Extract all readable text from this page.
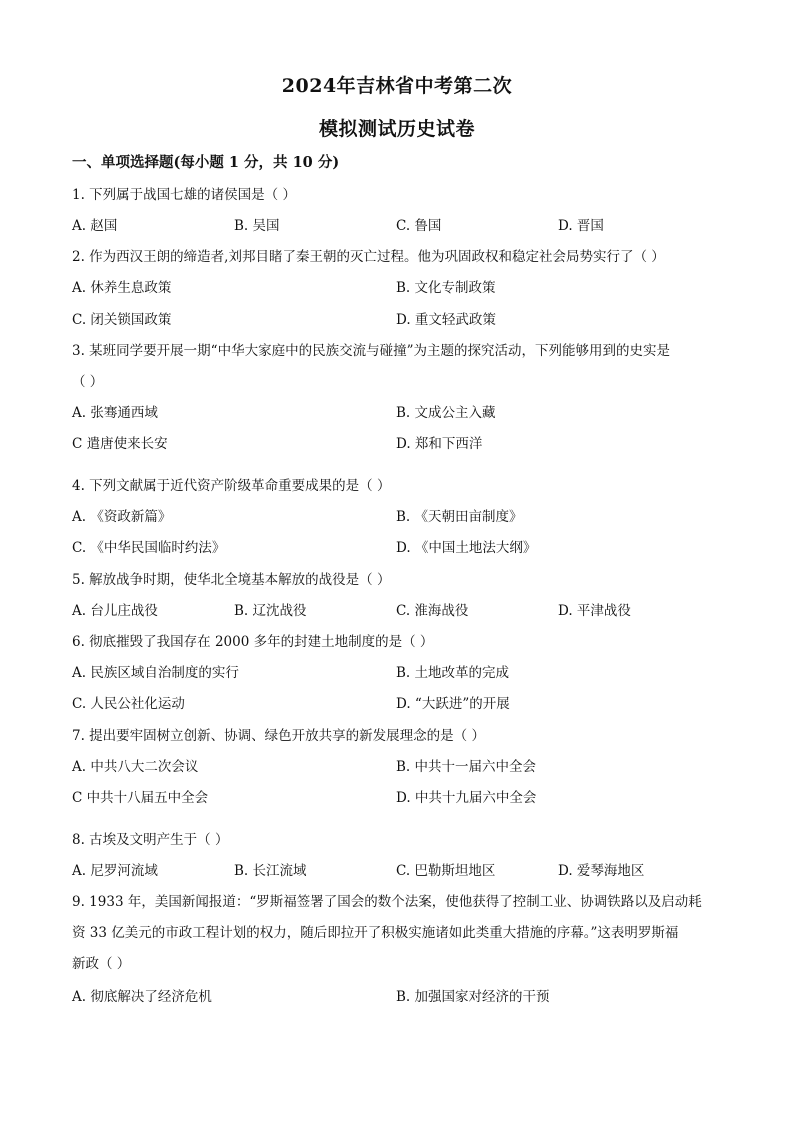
2024年吉林省中考第二次
模拟测试历史试卷
一、单项选择题(每小题 1 分，共 10 分)
1. 下列属于战国七雄的诸侯国是（ ）
A. 赵国	B. 吴国	C. 鲁国	D. 晋国
2. 作为西汉王朗的缔造者,刘邦目睹了秦王朝的灭亡过程。他为巩固政权和稳定社会局势实行了（ ）
A. 休养生息政策	B. 文化专制政策
C. 闭关锁国政策	D. 重文轻武政策
3. 某班同学要开展一期“中华大家庭中的民族交流与碰撞”为主题的探究活动，下列能够用到的史实是
（ ）
A. 张骞通西域	B. 文成公主入藏
C 遣唐使来长安	D. 郑和下西洋
4. 下列文献属于近代资产阶级革命重要成果的是（ ）
A. 《资政新篇》	B. 《天朝田亩制度》
C. 《中华民国临时约法》	D. 《中国土地法大纲》
5. 解放战争时期，使华北全境基本解放的战役是（ ）
A. 台儿庄战役	B. 辽沈战役	C. 淮海战役	D. 平津战役
6. 彻底摧毁了我国存在 2000 多年的封建土地制度的是（ ）
A. 民族区域自治制度的实行	B. 土地改革的完成
C. 人民公社化运动	D. “大跃进”的开展
7. 提出要牢固树立创新、协调、绿色开放共享的新发展理念的是（ ）
A. 中共八大二次会议	B. 中共十一届六中全会
C 中共十八届五中全会	D. 中共十九届六中全会
8. 古埃及文明产生于（ ）
A. 尼罗河流域	B. 长江流域	C. 巴勒斯坦地区	D. 爱琴海地区
9. 1933 年，美国新闻报道：“罗斯福签署了国会的数个法案，使他获得了控制工业、协调铁路以及启动耗
资 33 亿美元的市政工程计划的权力，随后即拉开了积极实施诸如此类重大措施的序幕。”这表明罗斯福
新政（ ）
A. 彻底解决了经济危机	B. 加强国家对经济的干预
